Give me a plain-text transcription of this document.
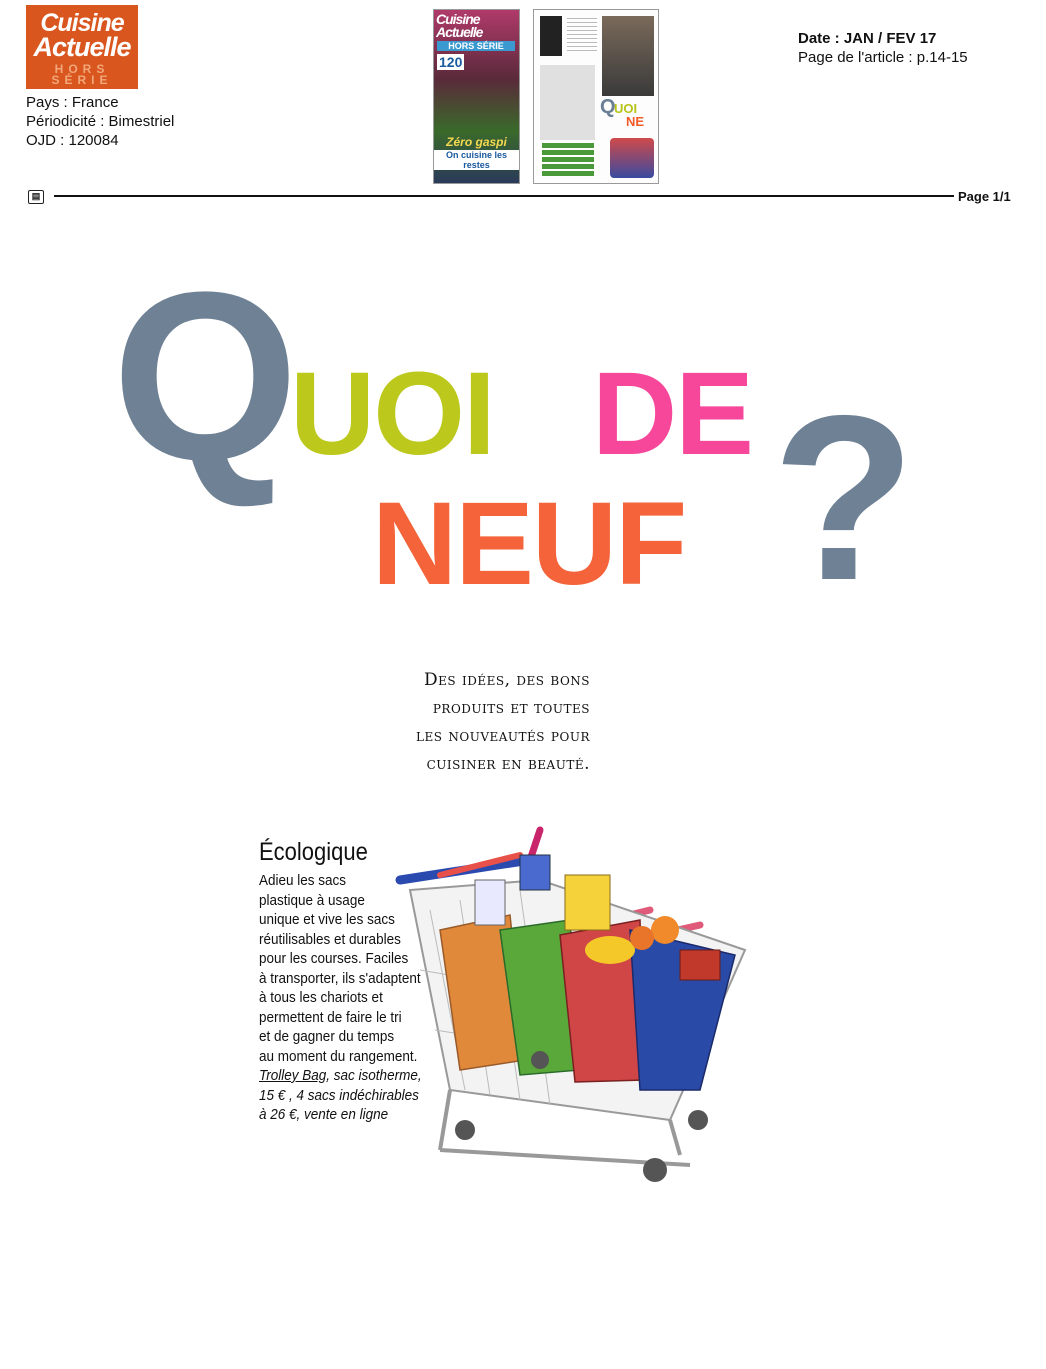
Cuisine
Actuelle
HORS
SÉRIE
Pays : France
Périodicité : Bimestriel
OJD : 120084
Cuisine Actuelle
HORS SÉRIE
120
Zéro gaspi
On cuisine les restes
Q
UOI
NE
Date : JAN / FEV 17
Page de l'article : p.14-15
▤	Page 1/1
Q
UOI DE
NEUF ?
Des idées, des bons
produits et toutes
les nouveautés pour
cuisiner en beauté.
Écologique
Adieu les sacs
plastique à usage
unique et vive les sacs
réutilisables et durables
pour les courses. Faciles
à transporter, ils s'adaptent
à tous les chariots et
permettent de faire le tri
et de gagner du temps
au moment du rangement.
Trolley Bag, sac isotherme,
15 € , 4 sacs indéchirables
à 26 €, vente en ligne
